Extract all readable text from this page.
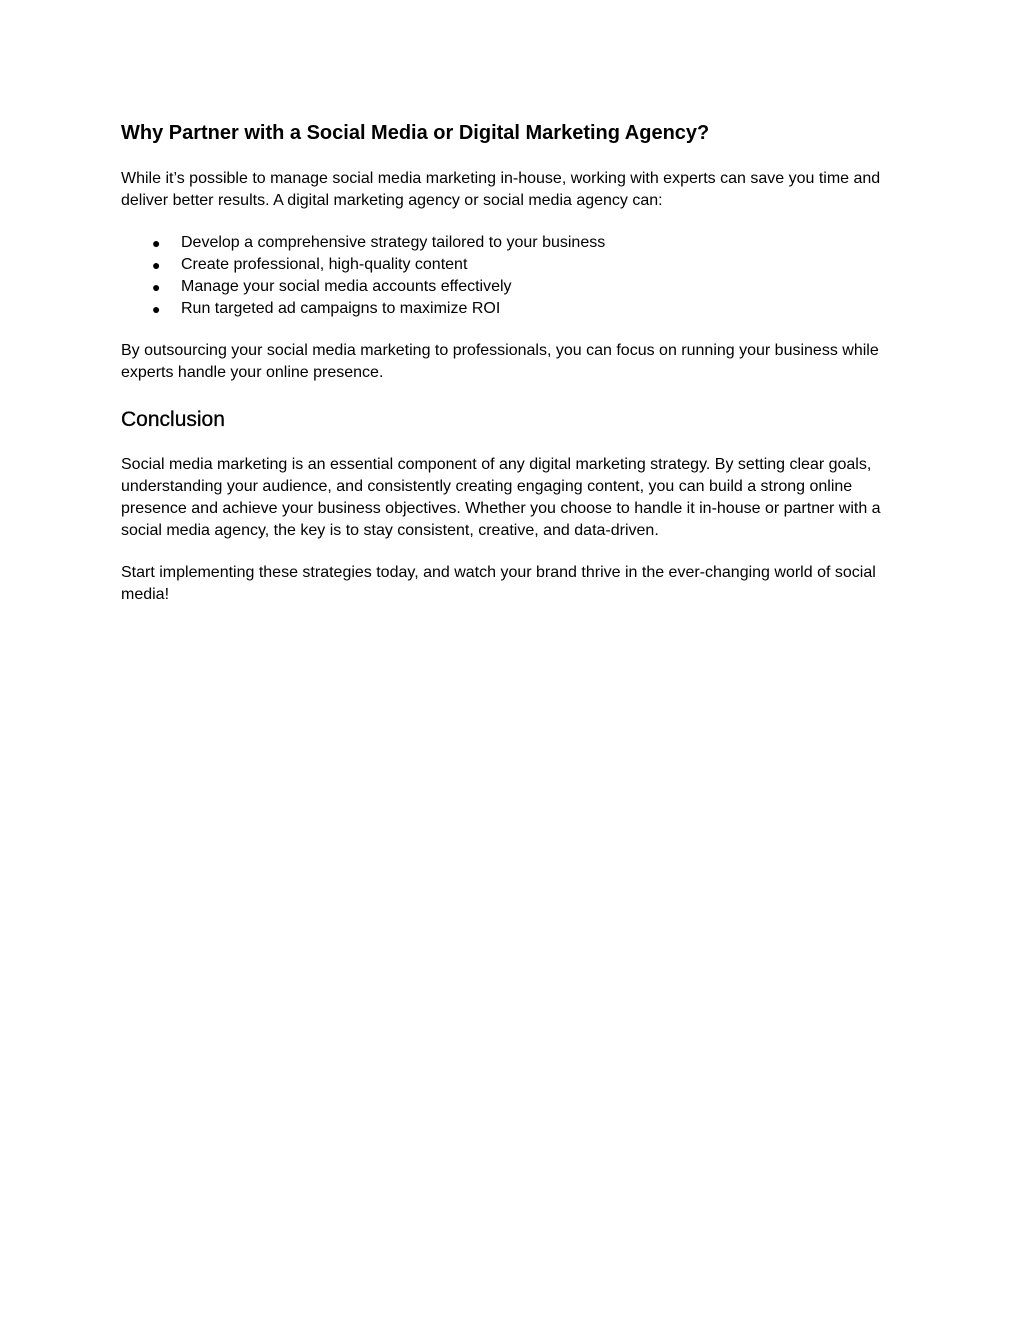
Why Partner with a Social Media or Digital Marketing Agency?

While it’s possible to manage social media marketing in-house, working with experts can save you time and deliver better results. A digital marketing agency or social media agency can:

● Develop a comprehensive strategy tailored to your business
● Create professional, high-quality content
● Manage your social media accounts effectively
● Run targeted ad campaigns to maximize ROI

By outsourcing your social media marketing to professionals, you can focus on running your business while experts handle your online presence.

Conclusion

Social media marketing is an essential component of any digital marketing strategy. By setting clear goals, understanding your audience, and consistently creating engaging content, you can build a strong online presence and achieve your business objectives. Whether you choose to handle it in-house or partner with a social media agency, the key is to stay consistent, creative, and data-driven.

Start implementing these strategies today, and watch your brand thrive in the ever-changing world of social media!
